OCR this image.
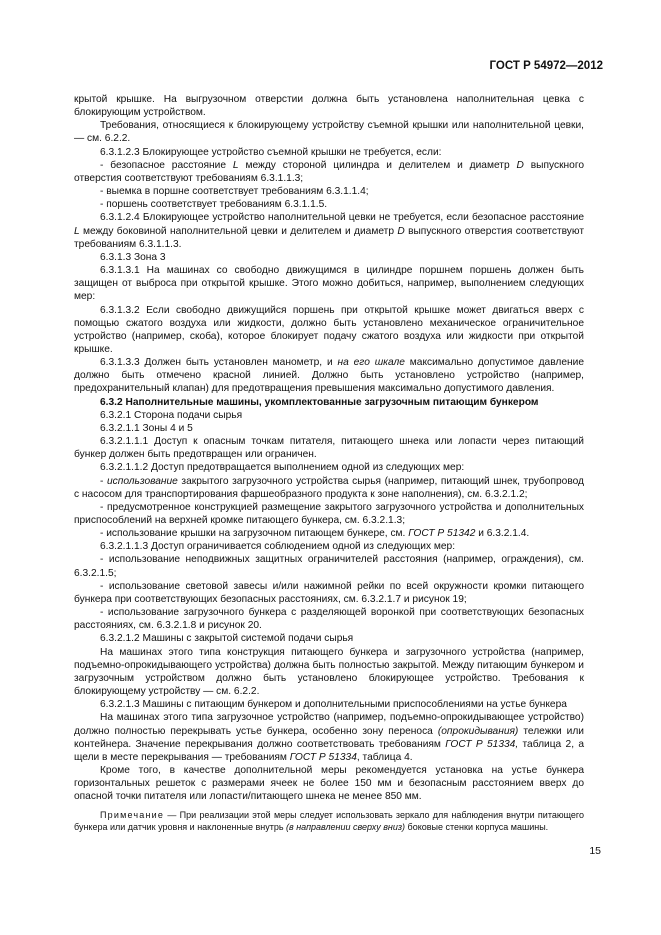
ГОСТ Р 54972—2012

крытой крышке. На выгрузочном отверстии должна быть установлена наполнительная цевка с блокирующим устройством.

Требования, относящиеся к блокирующему устройству съемной крышки или наполнительной цевки, — см. 6.2.2.

6.3.1.2.3 Блокирующее устройство съемной крышки не требуется, если:

- безопасное расстояние L между стороной цилиндра и делителем и диаметр D выпускного отверстия соответствуют требованиям 6.3.1.1.3;

- выемка в поршне соответствует требованиям 6.3.1.1.4;

- поршень соответствует требованиям 6.3.1.1.5.

6.3.1.2.4 Блокирующее устройство наполнительной цевки не требуется, если безопасное расстояние L между боковиной наполнительной цевки и делителем и диаметр D выпускного отверстия соответствуют требованиям 6.3.1.1.3.

6.3.1.3 Зона 3

6.3.1.3.1 На машинах со свободно движущимся в цилиндре поршнем поршень должен быть защищен от выброса при открытой крышке. Этого можно добиться, например, выполнением следующих мер:

6.3.1.3.2 Если свободно движущийся поршень при открытой крышке может двигаться вверх с помощью сжатого воздуха или жидкости, должно быть установлено механическое ограничительное устройство (например, скоба), которое блокирует подачу сжатого воздуха или жидкости при открытой крышке.

6.3.1.3.3 Должен быть установлен манометр, и на его шкале максимально допустимое давление должно быть отмечено красной линией. Должно быть установлено устройство (например, предохранительный клапан) для предотвращения превышения максимально допустимого давления.

6.3.2 Наполнительные машины, укомплектованные загрузочным питающим бункером

6.3.2.1 Сторона подачи сырья

6.3.2.1.1 Зоны 4 и 5

6.3.2.1.1.1 Доступ к опасным точкам питателя, питающего шнека или лопасти через питающий бункер должен быть предотвращен или ограничен.

6.3.2.1.1.2 Доступ предотвращается выполнением одной из следующих мер:

- использование закрытого загрузочного устройства сырья (например, питающий шнек, трубопровод с насосом для транспортирования фаршеобразного продукта к зоне наполнения), см. 6.3.2.1.2;

- предусмотренное конструкцией размещение закрытого загрузочного устройства и дополнительных приспособлений на верхней кромке питающего бункера, см. 6.3.2.1.3;

- использование крышки на загрузочном питающем бункере, см. ГОСТ Р 51342 и 6.3.2.1.4.

6.3.2.1.1.3 Доступ ограничивается соблюдением одной из следующих мер:

- использование неподвижных защитных ограничителей расстояния (например, ограждения), см. 6.3.2.1.5;

- использование световой завесы и/или нажимной рейки по всей окружности кромки питающего бункера при соответствующих безопасных расстояниях, см. 6.3.2.1.7 и рисунок 19;

- использование загрузочного бункера с разделяющей воронкой при соответствующих безопасных расстояниях, см. 6.3.2.1.8 и рисунок 20.

6.3.2.1.2 Машины с закрытой системой подачи сырья

На машинах этого типа конструкция питающего бункера и загрузочного устройства (например, подъемно-опрокидывающего устройства) должна быть полностью закрытой. Между питающим бункером и загрузочным устройством должно быть установлено блокирующее устройство. Требования к блокирующему устройству — см. 6.2.2.

6.3.2.1.3 Машины с питающим бункером и дополнительными приспособлениями на устье бункера

На машинах этого типа загрузочное устройство (например, подъемно-опрокидывающее устройство) должно полностью перекрывать устье бункера, особенно зону переноса (опрокидывания) тележки или контейнера. Значение перекрывания должно соответствовать требованиям ГОСТ Р 51334, таблица 2, а щели в месте перекрывания — требованиям ГОСТ Р 51334, таблица 4.

Кроме того, в качестве дополнительной меры рекомендуется установка на устье бункера горизонтальных решеток с размерами ячеек не более 150 мм и безопасным расстоянием вверх до опасной точки питателя или лопасти/питающего шнека не менее 850 мм.

Примечание — При реализации этой меры следует использовать зеркало для наблюдения внутри питающего бункера или датчик уровня и наклоненные внутрь (в направлении сверху вниз) боковые стенки корпуса машины.

15
